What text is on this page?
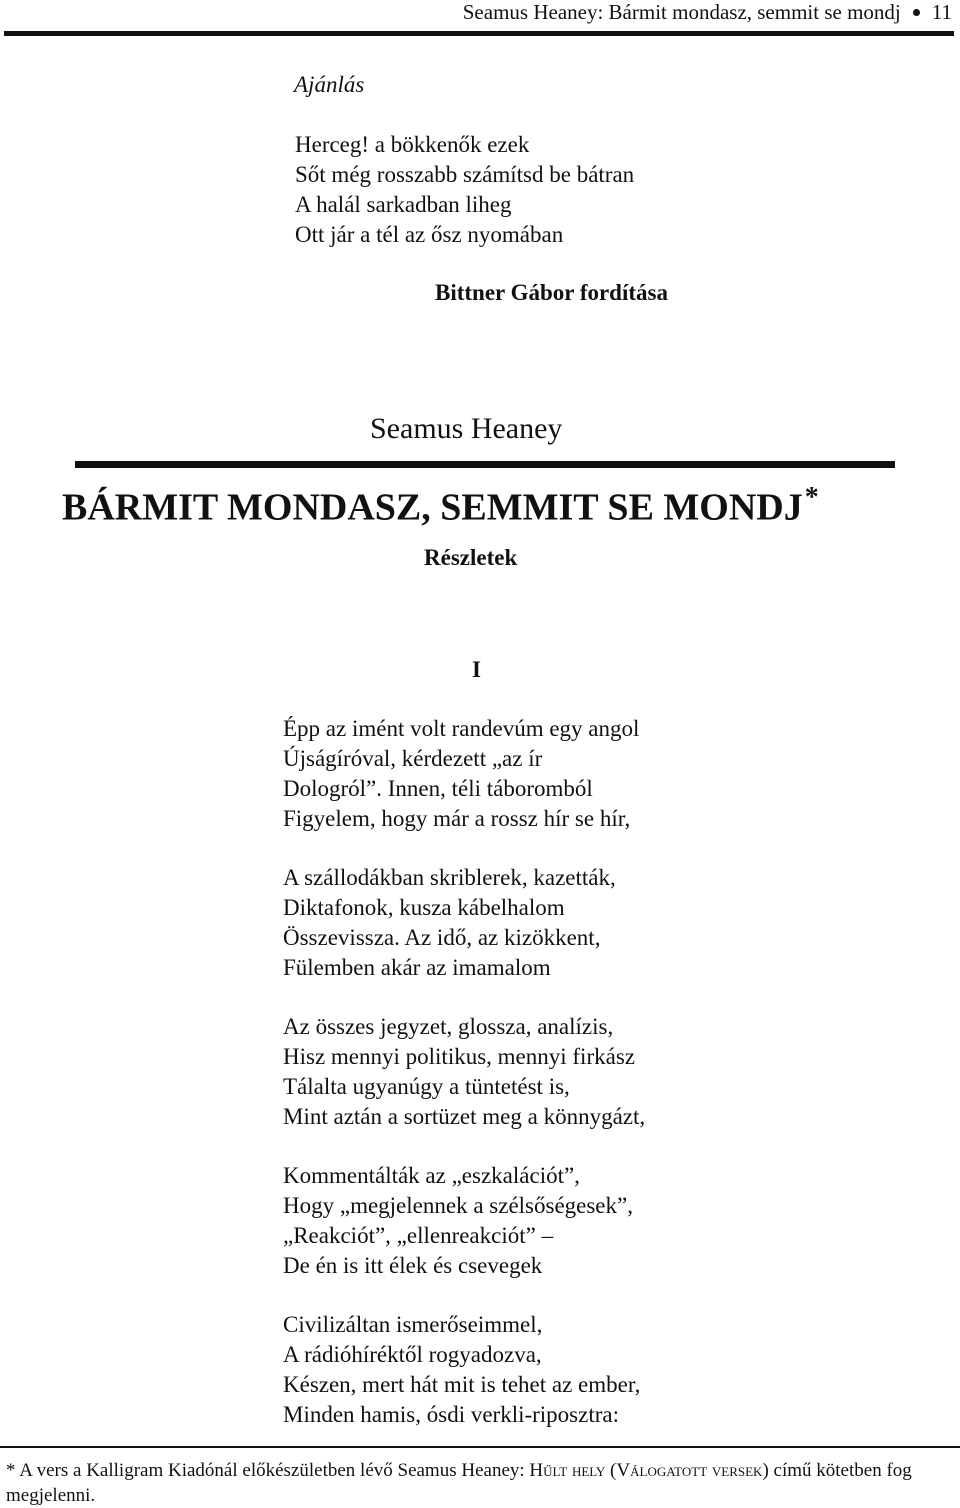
Seamus Heaney: Bármit mondasz, semmit se mondj 11
Ajánlás
Herceg! a bökkenők ezek
Sőt még rosszabb számítsd be bátran
A halál sarkadban liheg
Ott jár a tél az ősz nyomában
Bittner Gábor fordítása
Seamus Heaney
BÁRMIT MONDASZ, SEMMIT SE MONDJ*
Részletek
I
Épp az imént volt randevúm egy angol
Újságíróval, kérdezett „az ír
Dologról”. Innen, téli táboromból
Figyelem, hogy már a rossz hír se hír,
A szállodákban skriblerek, kazetták,
Diktafonok, kusza kábelhalom
Összevissza. Az idő, az kizökkent,
Fülemben akár az imamalom
Az összes jegyzet, glossza, analízis,
Hisz mennyi politikus, mennyi firkász
Tálalta ugyanúgy a tüntetést is,
Mint aztán a sortüzet meg a könnygázt,
Kommentálták az „eszkalációt”,
Hogy „megjelennek a szélsőségesek”,
„Reakciót”, „ellenreakciót” –
De én is itt élek és csevegek
Civilizáltan ismerőseimmel,
A rádióhíréktől rogyadozva,
Készen, mert hát mit is tehet az ember,
Minden hamis, ósdi verkli-riposztra:
* A vers a Kalligram Kiadónál előkészületben lévő Seamus Heaney: Hűlt hely (Válogatott versek) című kötetben fog megjelenni.
